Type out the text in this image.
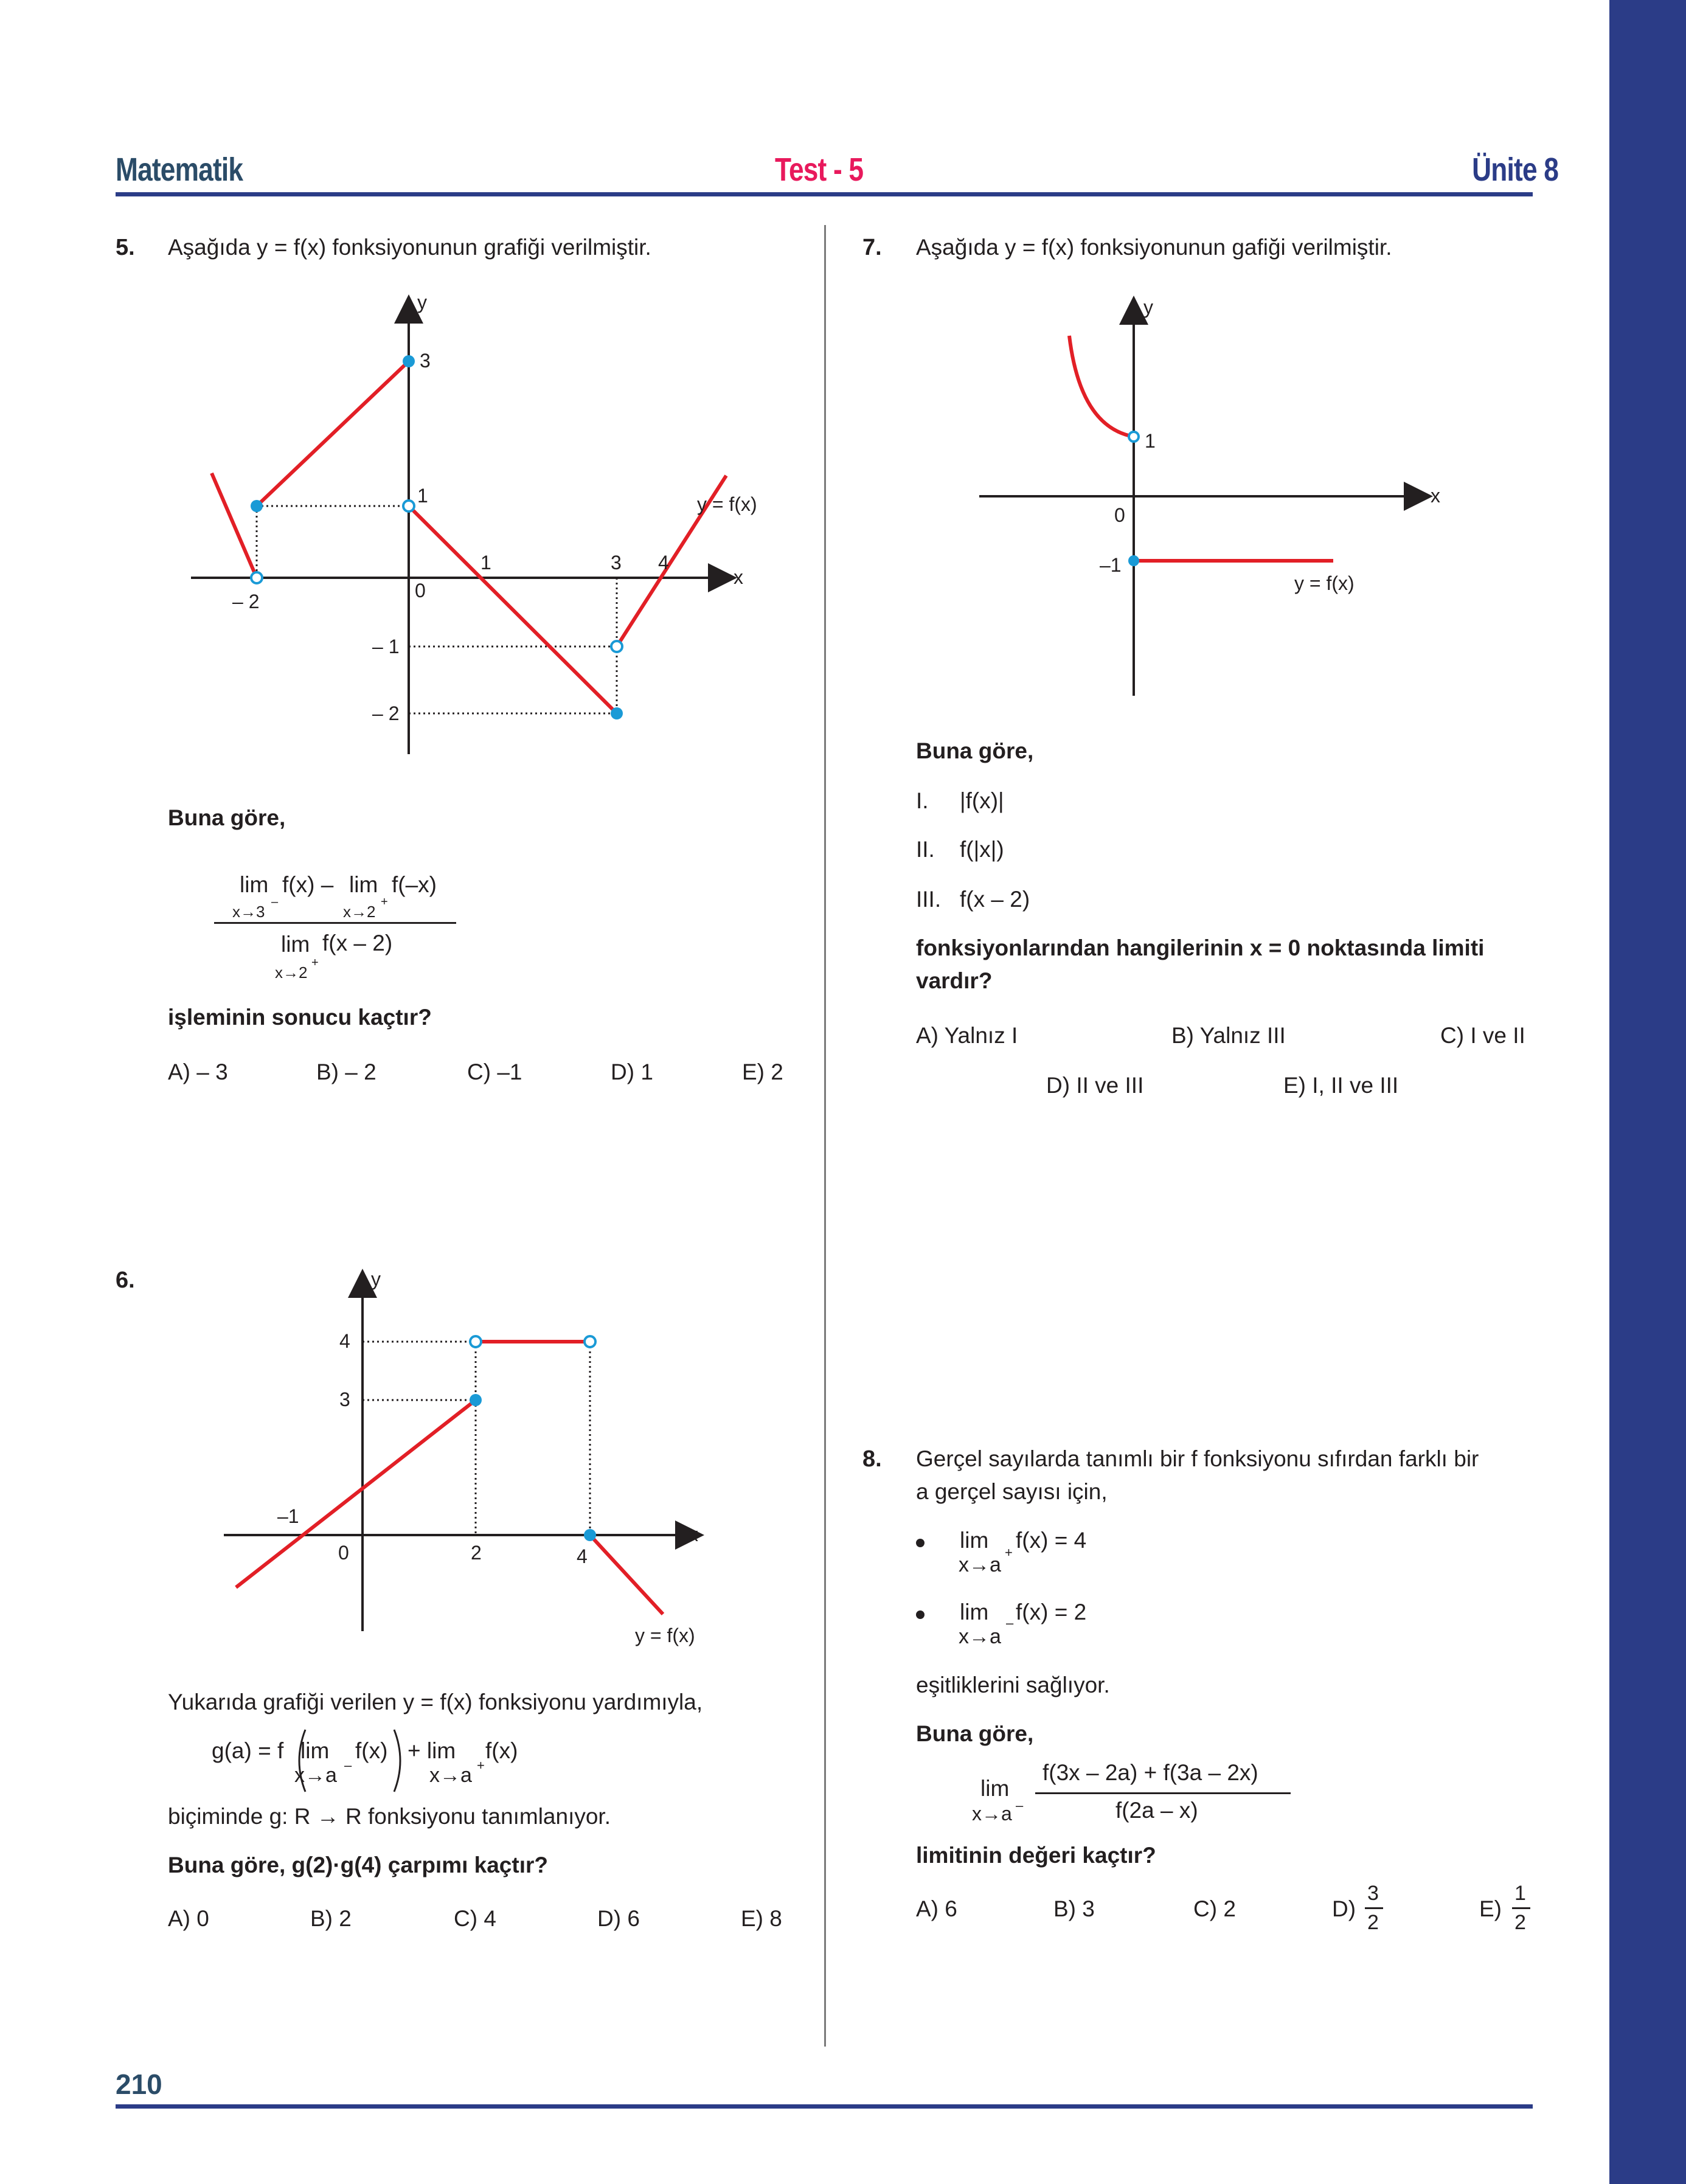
Matematik	Test - 5	Ünite 8
5. Aşağıda y = f(x) fonksiyonunun grafiği verilmiştir.
y
x
3
1	y = f(x)
– 2	0
1	3 4
– 1
– 2
Buna göre,
lim f(x) – lim f(–x)
x→3
–
x→2
+
lim f(x – 2)
x→2
+
işleminin sonucu kaçtır?
A) – 3	B) – 2	C) –1	D) 1	E) 2
6.	y
x
4
3
–1
0	2	4
y = f(x)
Yukarıda grafiği verilen y = f(x) fonksiyonu yardımıyla,
g(a) = f lim f(x)
x→a –
+ lim
x→a +
f(x)
biçiminde g: R → R fonksiyonu tanımlanıyor.
Buna göre, g(2)·g(4) çarpımı kaçtır?
A) 0	B) 2	C) 4	D) 6	E) 8
7. Aşağıda y = f(x) fonksiyonunun gafiği verilmiştir.
y
x
1
0
–1
y = f(x)
Buna göre,
I. |f(x)|
II. f(|x|)
III. f(x – 2)
fonksiyonlarından hangilerinin x = 0 noktasında limiti
vardır?
A) Yalnız I	B) Yalnız III	C) I ve II
D) II ve III	E) I, II ve III
8. Gerçel sayılarda tanımlı bir f fonksiyonu sıfırdan farklı bir
a gerçel sayısı için,
lim
x→a
+ f(x) = 4
lim
x→a
– f(x) = 2
eşitliklerini sağlıyor.
Buna göre,
lim
x→a –
f(3x – 2a) + f(3a – 2x)
f(2a – x)
limitinin değeri kaçtır?
A) 6	B) 3	C) 2	D)
3
2
E)
1
2
210
